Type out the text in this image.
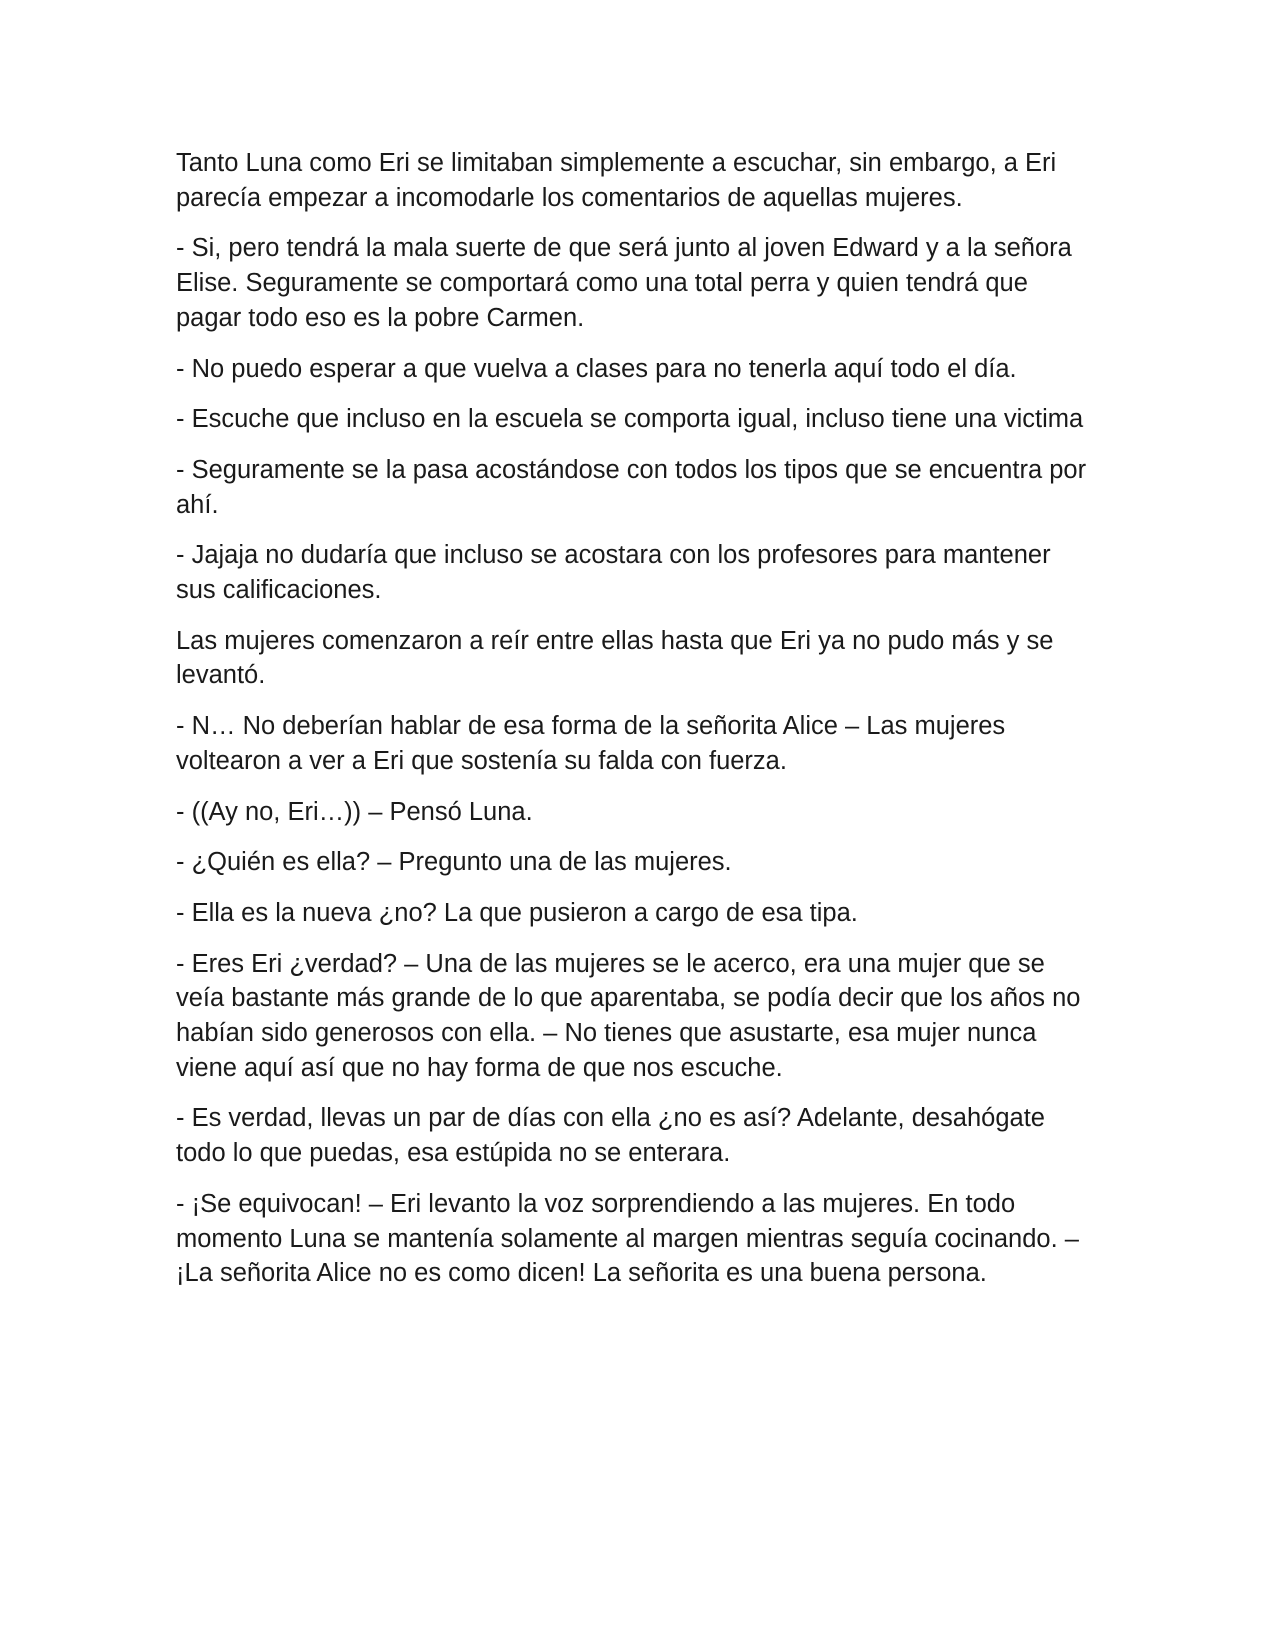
Tanto Luna como Eri se limitaban simplemente a escuchar, sin embargo, a Eri parecía empezar a incomodarle los comentarios de aquellas mujeres.

- Si, pero tendrá la mala suerte de que será junto al joven Edward y a la señora Elise. Seguramente se comportará como una total perra y quien tendrá que pagar todo eso es la pobre Carmen.

- No puedo esperar a que vuelva a clases para no tenerla aquí todo el día.

- Escuche que incluso en la escuela se comporta igual, incluso tiene una victima

- Seguramente se la pasa acostándose con todos los tipos que se encuentra por ahí.

- Jajaja no dudaría que incluso se acostara con los profesores para mantener sus calificaciones.

Las mujeres comenzaron a reír entre ellas hasta que Eri ya no pudo más y se levantó.

- N… No deberían hablar de esa forma de la señorita Alice – Las mujeres voltearon a ver a Eri que sostenía su falda con fuerza.

- ((Ay no, Eri…)) – Pensó Luna.

- ¿Quién es ella? – Pregunto una de las mujeres.

- Ella es la nueva ¿no? La que pusieron a cargo de esa tipa.

- Eres Eri ¿verdad? – Una de las mujeres se le acerco, era una mujer que se veía bastante más grande de lo que aparentaba, se podía decir que los años no habían sido generosos con ella. – No tienes que asustarte, esa mujer nunca viene aquí así que no hay forma de que nos escuche.

- Es verdad, llevas un par de días con ella ¿no es así? Adelante, desahógate todo lo que puedas, esa estúpida no se enterara.

- ¡Se equivocan! – Eri levanto la voz sorprendiendo a las mujeres. En todo momento Luna se mantenía solamente al margen mientras seguía cocinando. – ¡La señorita Alice no es como dicen! La señorita es una buena persona.
